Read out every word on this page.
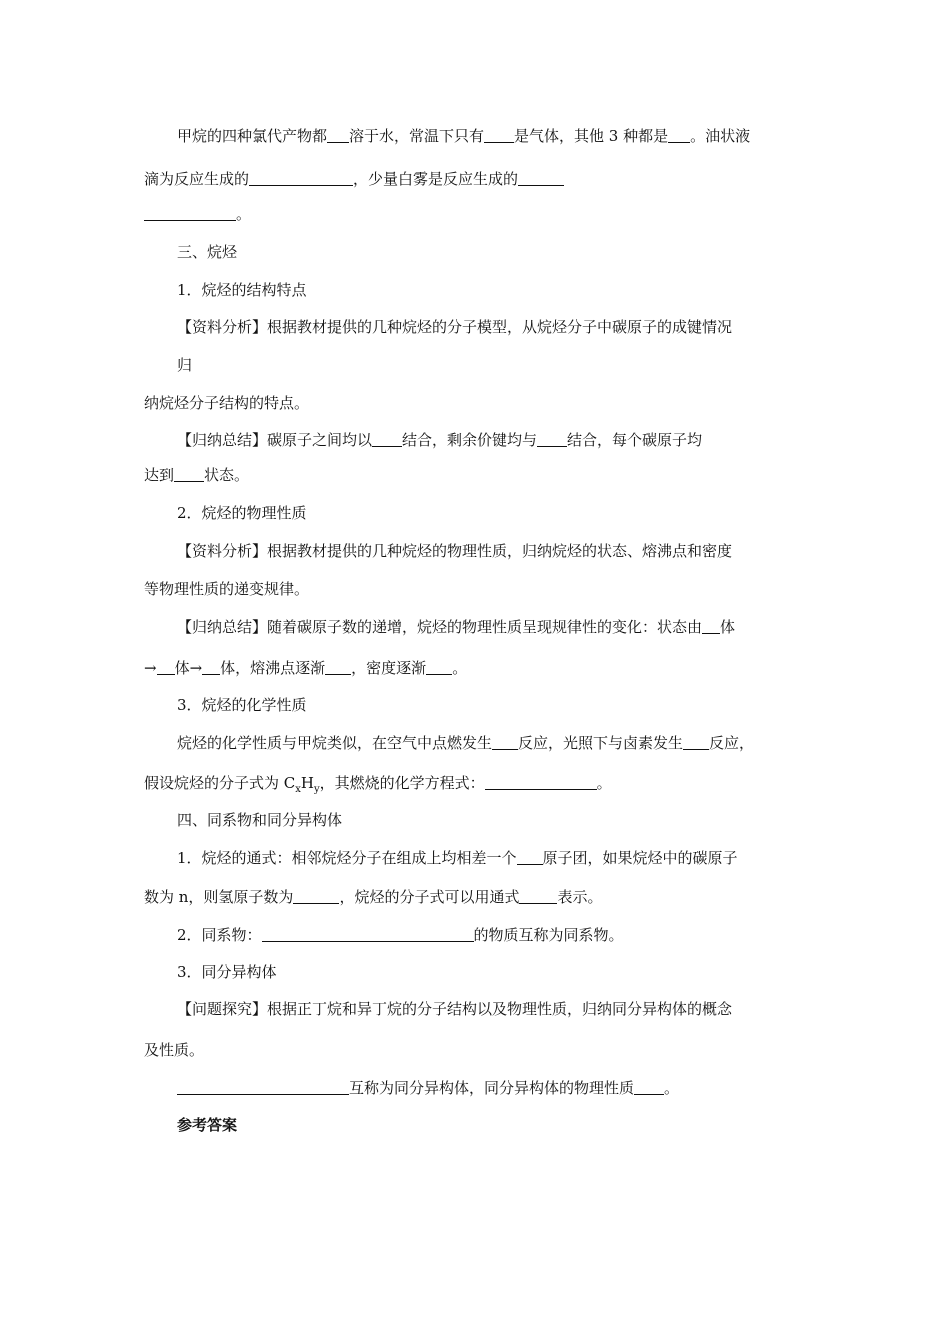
甲烷的四种氯代产物都 溶于水，常温下只有 是气体，其他 3 种都是 。油状液
滴为反应生成的	，少量白雾是反应生成的
。
三、烷烃
1．烷烃的结构特点
【资料分析】根据教材提供的几种烷烃的分子模型，从烷烃分子中碳原子的成键情况
归
纳烷烃分子结构的特点。
【归纳总结】碳原子之间均以 结合，剩余价键均与 结合，每个碳原子均
达到 状态。
2．烷烃的物理性质
【资料分析】根据教材提供的几种烷烃的物理性质，归纳烷烃的状态、熔沸点和密度
等物理性质的递变规律。
【归纳总结】随着碳原子数的递增，烷烃的物理性质呈现规律性的变化：状态由 体
→ 体→ 体，熔沸点逐渐 ，密度逐渐 。
3．烷烃的化学性质
烷烃的化学性质与甲烷类似，在空气中点燃发生 反应，光照下与卤素发生 反应，
假设烷烃的分子式为 $C_xH_y$，其燃烧的化学方程式：	。
四、同系物和同分异构体
1．烷烃的通式：相邻烷烃分子在组成上均相差一个 原子团，如果烷烃中的碳原子
数为 n，则氢原子数为	，烷烃的分子式可以用通式	表示。
2．同系物：	的物质互称为同系物。
3．同分异构体
【问题探究】根据正丁烷和异丁烷的分子结构以及物理性质，归纳同分异构体的概念
及性质。
互称为同分异构体，同分异构体的物理性质 。
参考答案
